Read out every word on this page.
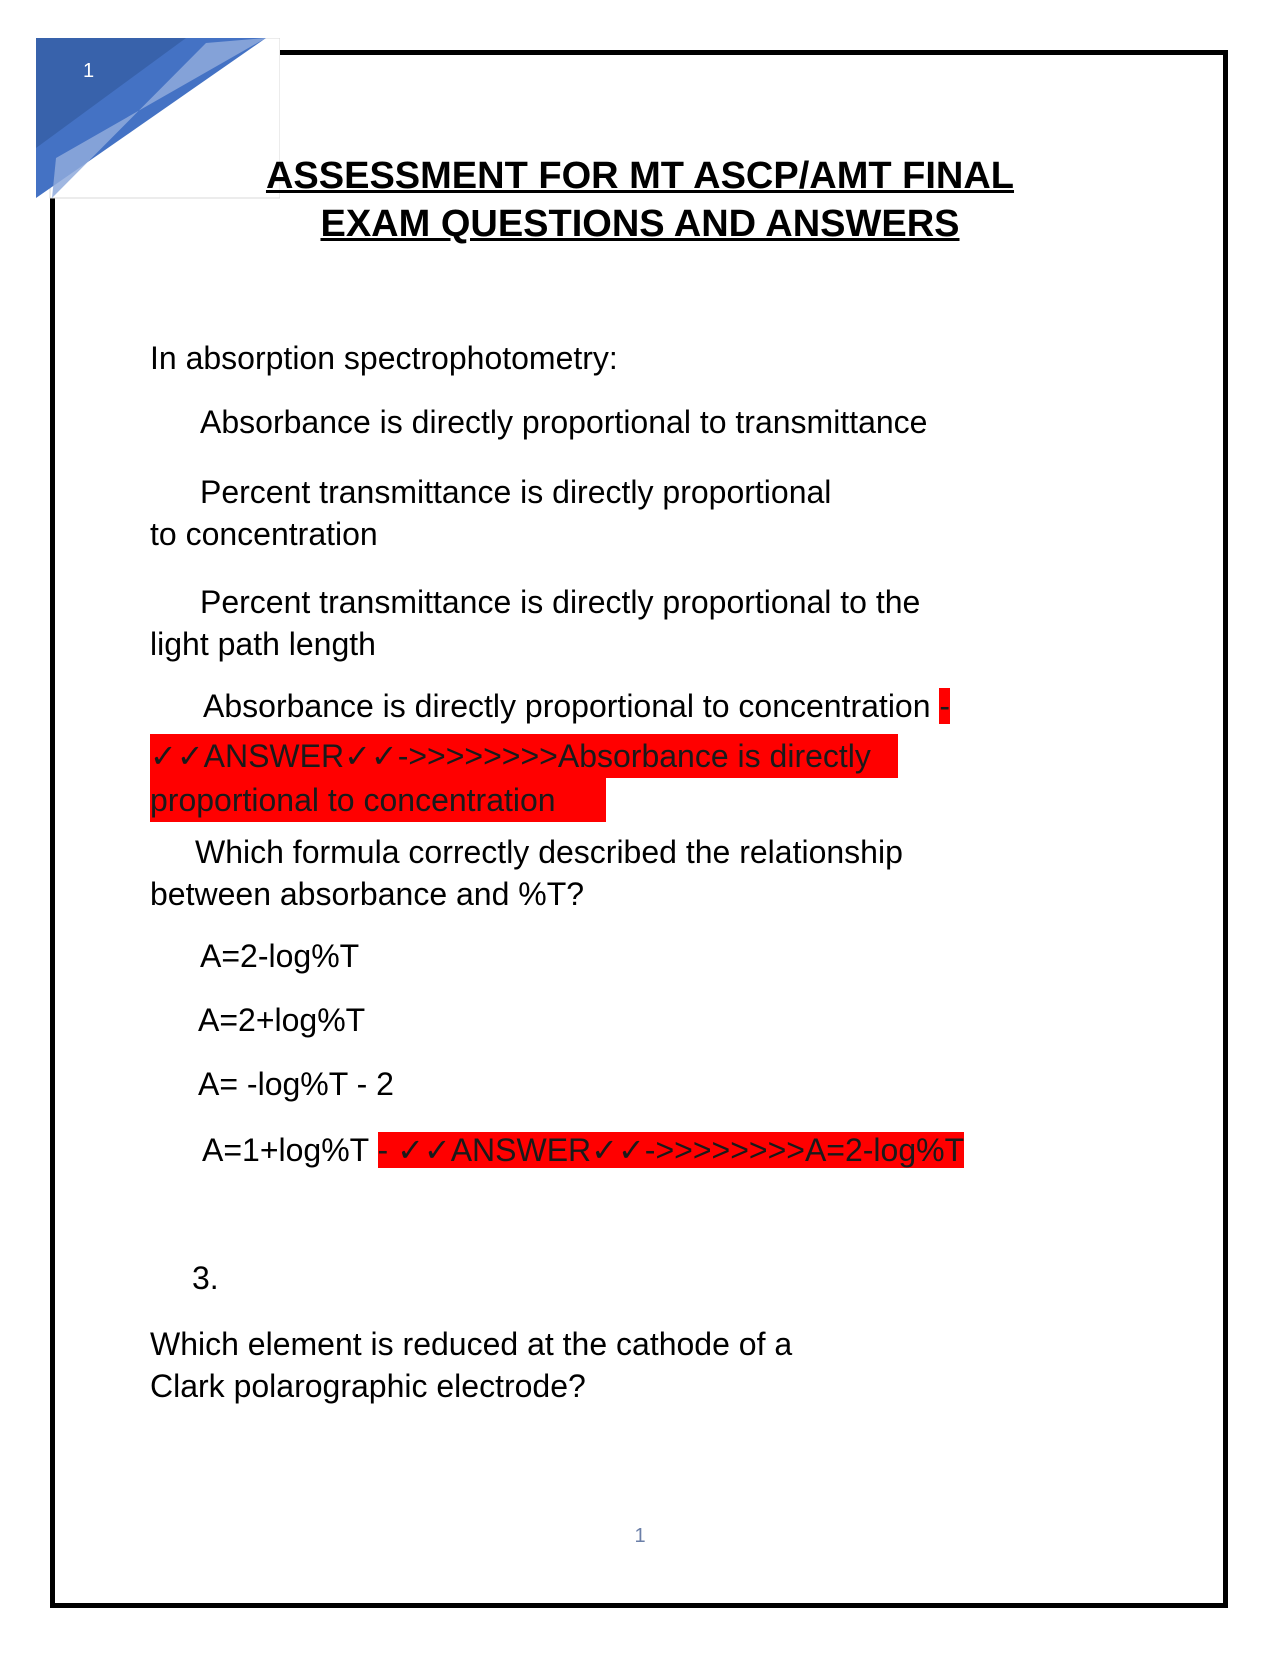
1
ASSESSMENT FOR MT ASCP/AMT FINAL
EXAM QUESTIONS AND ANSWERS
In absorption spectrophotometry:
Absorbance is directly proportional to transmittance
Percent transmittance is directly proportional
to concentration
Percent transmittance is directly proportional to the
light path length
Absorbance is directly proportional to concentration -
✓✓ANSWER✓✓->>>>>>>>Absorbance is directly
proportional to concentration
Which formula correctly described the relationship
between absorbance and %T?
A=2-log%T
A=2+log%T
A= -log%T - 2
A=1+log%T - ✓✓ANSWER✓✓->>>>>>>>A=2-log%T
3.
Which element is reduced at the cathode of a
Clark polarographic electrode?
1
